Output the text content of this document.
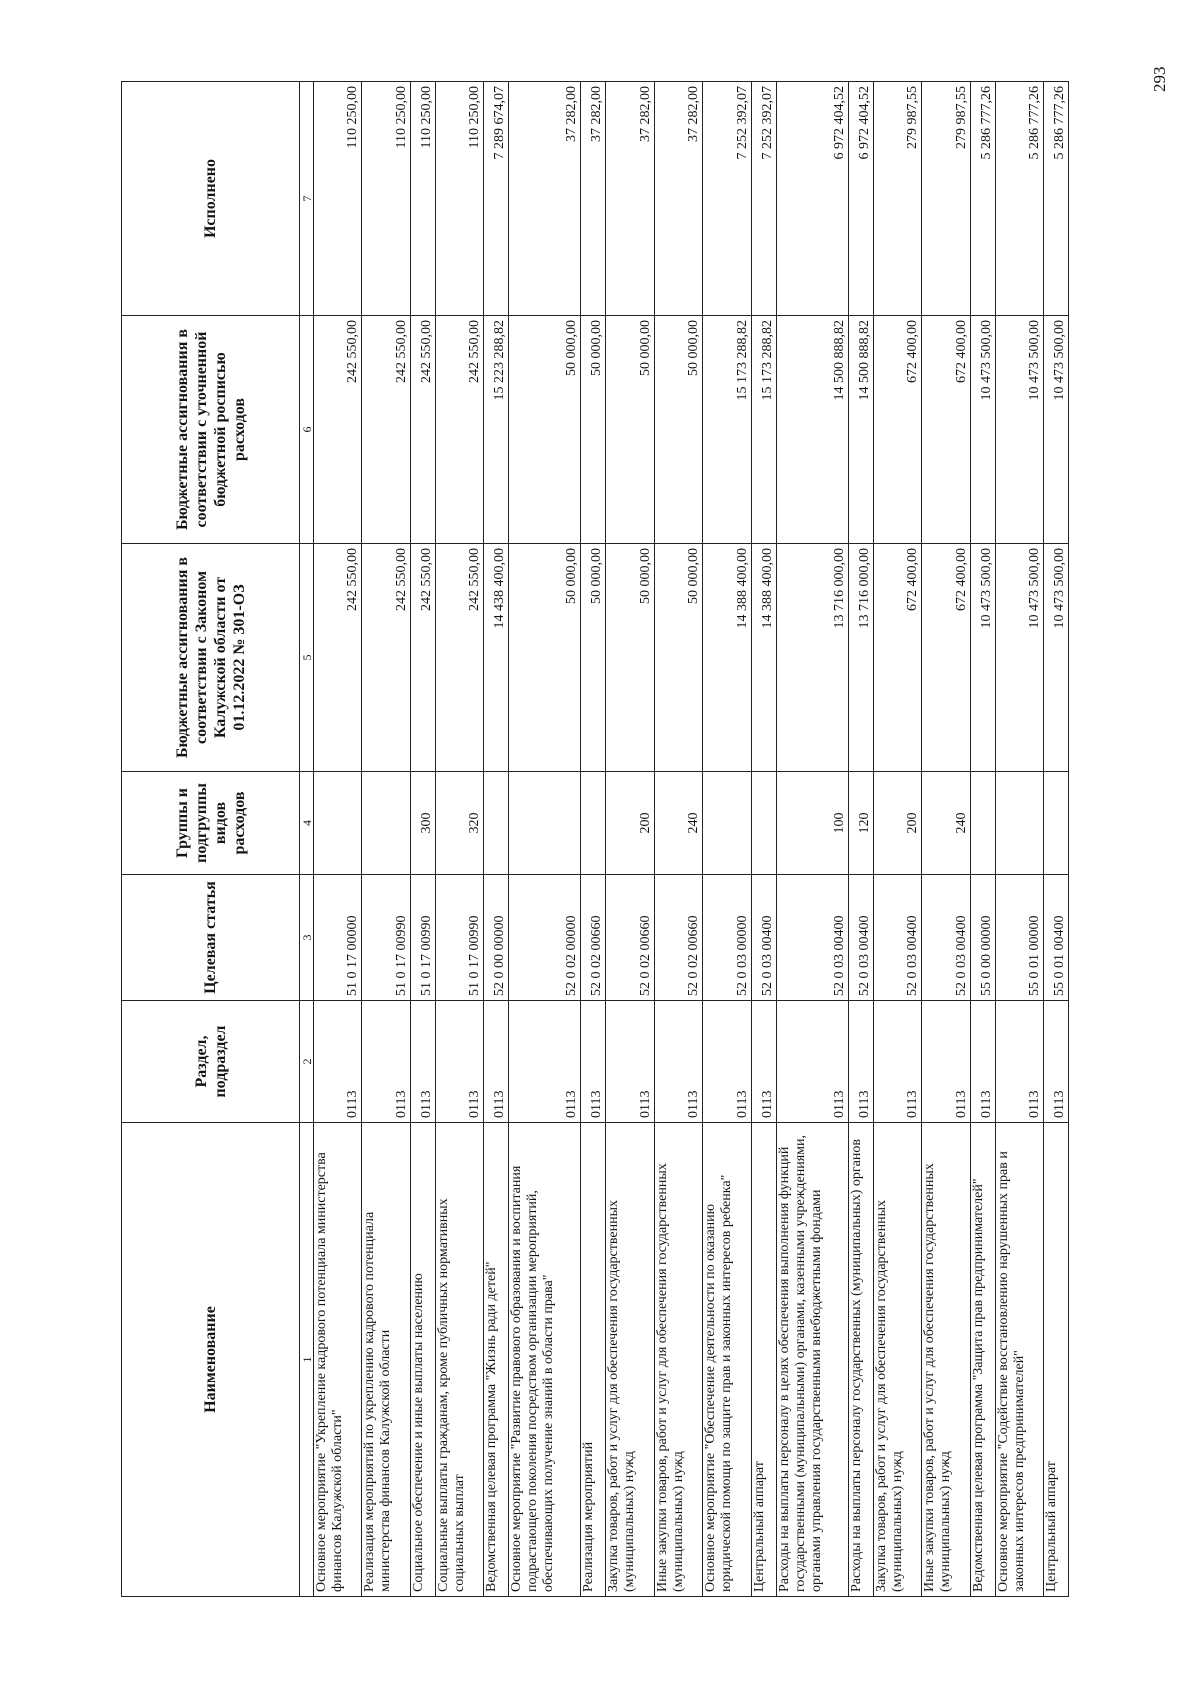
293
Наименование	Раздел, подраздел	Целевая статья	Группы и подгруппы видов расходов	Бюджетные ассигнования в соответствии с Законом Калужской области от 01.12.2022 № 301-ОЗ	Бюджетные ассигнования в соответствии с уточненной бюджетной росписью расходов	Исполнено
1	2	3	4	5	6	7
Основное мероприятие "Укрепление кадрового потенциала министерства финансов Калужской области"	0113	51 0 17 00000		242 550,00	242 550,00	110 250,00
Реализация мероприятий по укреплению кадрового потенциала министерства финансов Калужской области	0113	51 0 17 00990		242 550,00	242 550,00	110 250,00
Социальное обеспечение и иные выплаты населению	0113	51 0 17 00990	300	242 550,00	242 550,00	110 250,00
Социальные выплаты гражданам, кроме публичных нормативных социальных выплат	0113	51 0 17 00990	320	242 550,00	242 550,00	110 250,00
Ведомственная целевая программа "Жизнь ради детей"	0113	52 0 00 00000		14 438 400,00	15 223 288,82	7 289 674,07
Основное мероприятие "Развитие правового образования и воспитания подрастающего поколения посредством организации мероприятий, обеспечивающих получение знаний в области права"	0113	52 0 02 00000		50 000,00	50 000,00	37 282,00
Реализация мероприятий	0113	52 0 02 00660		50 000,00	50 000,00	37 282,00
Закупка товаров, работ и услуг для обеспечения государственных (муниципальных) нужд	0113	52 0 02 00660	200	50 000,00	50 000,00	37 282,00
Иные закупки товаров, работ и услуг для обеспечения государственных (муниципальных) нужд	0113	52 0 02 00660	240	50 000,00	50 000,00	37 282,00
Основное мероприятие "Обеспечение деятельности по оказанию юридической помощи по защите прав и законных интересов ребенка"	0113	52 0 03 00000		14 388 400,00	15 173 288,82	7 252 392,07
Центральный аппарат	0113	52 0 03 00400		14 388 400,00	15 173 288,82	7 252 392,07
Расходы на выплаты персоналу в целях обеспечения выполнения функций государственными (муниципальными) органами, казенными учреждениями, органами управления государственными внебюджетными фондами	0113	52 0 03 00400	100	13 716 000,00	14 500 888,82	6 972 404,52
Расходы на выплаты персоналу государственных (муниципальных) органов	0113	52 0 03 00400	120	13 716 000,00	14 500 888,82	6 972 404,52
Закупка товаров, работ и услуг для обеспечения государственных (муниципальных) нужд	0113	52 0 03 00400	200	672 400,00	672 400,00	279 987,55
Иные закупки товаров, работ и услуг для обеспечения государственных (муниципальных) нужд	0113	52 0 03 00400	240	672 400,00	672 400,00	279 987,55
Ведомственная целевая программа "Защита прав предпринимателей"	0113	55 0 00 00000		10 473 500,00	10 473 500,00	5 286 777,26
Основное мероприятие "Содействие восстановлению нарушенных прав и законных интересов предпринимателей"	0113	55 0 01 00000		10 473 500,00	10 473 500,00	5 286 777,26
Центральный аппарат	0113	55 0 01 00400		10 473 500,00	10 473 500,00	5 286 777,26
